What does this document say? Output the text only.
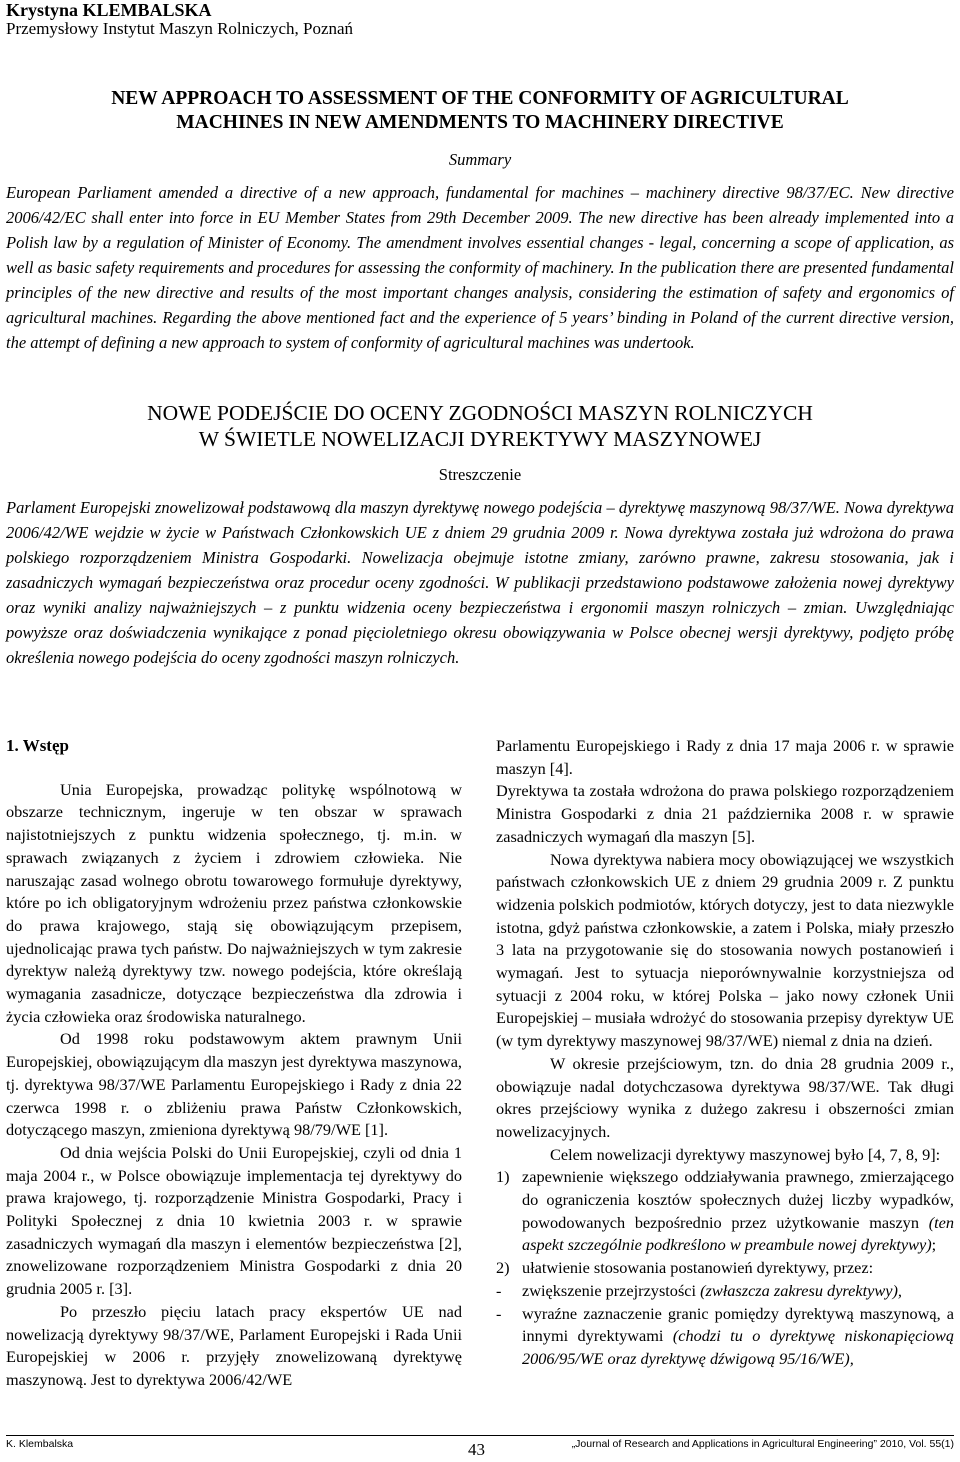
Krystyna KLEMBALSKA
Przemysłowy Instytut Maszyn Rolniczych, Poznań
NEW APPROACH TO ASSESSMENT OF THE CONFORMITY OF AGRICULTURAL
MACHINES IN NEW AMENDMENTS TO MACHINERY DIRECTIVE
Summary
European Parliament amended a directive of a new approach, fundamental for machines – machinery directive 98/37/EC. New directive 2006/42/EC shall enter into force in EU Member States from 29th December 2009. The new directive has been already implemented into a Polish law by a regulation of Minister of Economy. The amendment involves essential changes - legal, concerning a scope of application, as well as basic safety requirements and procedures for assessing the conformity of machinery. In the publication there are presented fundamental principles of the new directive and results of the most important changes analysis, considering the estimation of safety and ergonomics of agricultural machines. Regarding the above mentioned fact and the experience of 5 years’ binding in Poland of the current directive version, the attempt of defining a new approach to system of conformity of agricultural machines was undertook.
NOWE PODEJŚCIE DO OCENY ZGODNOŚCI MASZYN ROLNICZYCH
W ŚWIETLE NOWELIZACJI DYREKTYWY MASZYNOWEJ
Streszczenie
Parlament Europejski znowelizował podstawową dla maszyn dyrektywę nowego podejścia – dyrektywę maszynową 98/37/WE. Nowa dyrektywa 2006/42/WE wejdzie w życie w Państwach Członkowskich UE z dniem 29 grudnia 2009 r. Nowa dyrektywa została już wdrożona do prawa polskiego rozporządzeniem Ministra Gospodarki. Nowelizacja obejmuje istotne zmiany, zarówno prawne, zakresu stosowania, jak i zasadniczych wymagań bezpieczeństwa oraz procedur oceny zgodności. W publikacji przedstawiono podstawowe założenia nowej dyrektywy oraz wyniki analizy najważniejszych – z punktu widzenia oceny bezpieczeństwa i ergonomii maszyn rolniczych – zmian. Uwzględniając powyższe oraz doświadczenia wynikające z ponad pięcioletniego okresu obowiązywania w Polsce obecnej wersji dyrektywy, podjęto próbę określenia nowego podejścia do oceny zgodności maszyn rolniczych.
1. Wstęp

Unia Europejska, prowadząc politykę wspólnotową w obszarze technicznym, ingeruje w ten obszar w sprawach najistotniejszych z punktu widzenia społecznego, tj. m.in. w sprawach związanych z życiem i zdrowiem człowieka. Nie naruszając zasad wolnego obrotu towarowego formułuje dyrektywy, które po ich obligatoryjnym wdrożeniu przez państwa członkowskie do prawa krajowego, stają się obowiązującym przepisem, ujednolicając prawa tych państw. Do najważniejszych w tym zakresie dyrektyw należą dyrektywy tzw. nowego podejścia, które określają wymagania zasadnicze, dotyczące bezpieczeństwa dla zdrowia i życia człowieka oraz środowiska naturalnego.

Od 1998 roku podstawowym aktem prawnym Unii Europejskiej, obowiązującym dla maszyn jest dyrektywa maszynowa, tj. dyrektywa 98/37/WE Parlamentu Europejskiego i Rady z dnia 22 czerwca 1998 r. o zbliżeniu prawa Państw Członkowskich, dotyczącego maszyn, zmieniona dyrektywą 98/79/WE [1].

Od dnia wejścia Polski do Unii Europejskiej, czyli od dnia 1 maja 2004 r., w Polsce obowiązuje implementacja tej dyrektywy do prawa krajowego, tj. rozporządzenie Ministra Gospodarki, Pracy i Polityki Społecznej z dnia 10 kwietnia 2003 r. w sprawie zasadniczych wymagań dla maszyn i elementów bezpieczeństwa [2], znowelizowane rozporządzeniem Ministra Gospodarki z dnia 20 grudnia 2005 r. [3].

Po przeszło pięciu latach pracy ekspertów UE nad nowelizacją dyrektywy 98/37/WE, Parlament Europejski i Rada Unii Europejskiej w 2006 r. przyjęły znowelizowaną dyrektywę maszynową. Jest to dyrektywa 2006/42/WE

Parlamentu Europejskiego i Rady z dnia 17 maja 2006 r. w sprawie maszyn [4].

Dyrektywa ta została wdrożona do prawa polskiego rozporządzeniem Ministra Gospodarki z dnia 21 października 2008 r. w sprawie zasadniczych wymagań dla maszyn [5].

Nowa dyrektywa nabiera mocy obowiązującej we wszystkich państwach członkowskich UE z dniem 29 grudnia 2009 r. Z punktu widzenia polskich podmiotów, których dotyczy, jest to data niezwykle istotna, gdyż państwa członkowskie, a zatem i Polska, miały przeszło 3 lata na przygotowanie się do stosowania nowych postanowień i wymagań. Jest to sytuacja nieporównywalnie korzystniejsza od sytuacji z 2004 roku, w której Polska – jako nowy członek Unii Europejskiej – musiała wdrożyć do stosowania przepisy dyrektyw UE (w tym dyrektywy maszynowej 98/37/WE) niemal z dnia na dzień.

W okresie przejściowym, tzn. do dnia 28 grudnia 2009 r., obowiązuje nadal dotychczasowa dyrektywa 98/37/WE. Tak długi okres przejściowy wynika z dużego zakresu i obszerności zmian nowelizacyjnych.

Celem nowelizacji dyrektywy maszynowej było [4, 7, 8, 9]:

1) zapewnienie większego oddziaływania prawnego, zmierzającego do ograniczenia kosztów społecznych dużej liczby wypadków, powodowanych bezpośrednio przez użytkowanie maszyn (ten aspekt szczególnie podkreślono w preambule nowej dyrektywy);
2) ułatwienie stosowania postanowień dyrektywy, przez:
- zwiększenie przejrzystości (zwłaszcza zakresu dyrektywy),
- wyraźne zaznaczenie granic pomiędzy dyrektywą maszynową, a innymi dyrektywami (chodzi tu o dyrektywę niskonapięciową 2006/95/WE oraz dyrektywę dźwigową 95/16/WE),
K. Klembalska	43	„Journal of Research and Applications in Agricultural Engineering” 2010, Vol. 55(1)
